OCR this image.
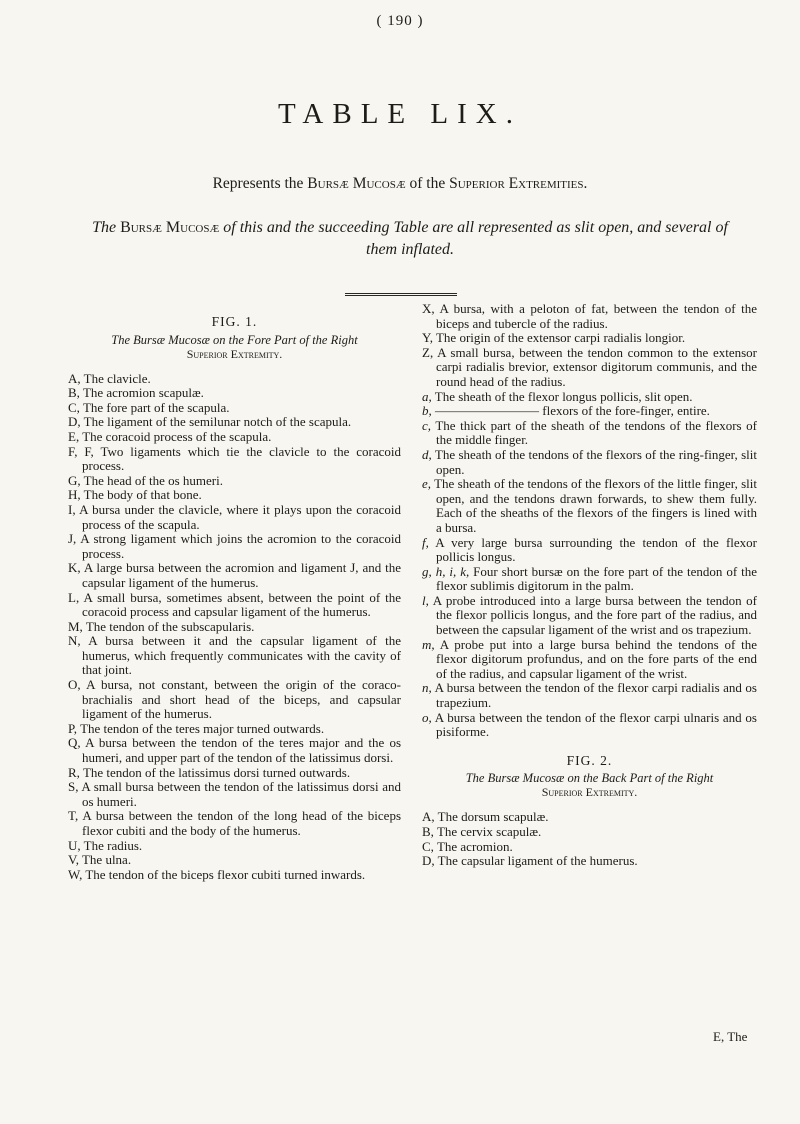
( 190 )
TABLE LIX.
Represents the Bursæ Mucosæ of the Superior Extremities.
The Bursæ Mucosæ of this and the succeeding Table are all represented as slit open, and several of them inflated.
FIG. 1.
The Bursæ Mucosæ on the Fore Part of the Right
Superior Extremity.

A, The clavicle.

B, The acromion scapulæ.

C, The fore part of the scapula.

D, The ligament of the semilunar notch of the scapula.

E, The coracoid process of the scapula.

F, F, Two ligaments which tie the clavicle to the coracoid process.

G, The head of the os humeri.

H, The body of that bone.

I, A bursa under the clavicle, where it plays upon the coracoid process of the scapula.

J, A strong ligament which joins the acromion to the coracoid process.

K, A large bursa between the acromion and ligament J, and the capsular ligament of the humerus.

L, A small bursa, sometimes absent, between the point of the coracoid process and capsular ligament of the humerus.

M, The tendon of the subscapularis.

N, A bursa between it and the capsular ligament of the humerus, which frequently communicates with the cavity of that joint.

O, A bursa, not constant, between the origin of the coraco-brachialis and short head of the biceps, and capsular ligament of the humerus.

P, The tendon of the teres major turned outwards.

Q, A bursa between the tendon of the teres major and the os humeri, and upper part of the tendon of the latissimus dorsi.

R, The tendon of the latissimus dorsi turned outwards.

S, A small bursa between the tendon of the latissimus dorsi and os humeri.

T, A bursa between the tendon of the long head of the biceps flexor cubiti and the body of the humerus.

U, The radius.

V, The ulna.

W, The tendon of the biceps flexor cubiti turned inwards.

X, A bursa, with a peloton of fat, between the tendon of the biceps and tubercle of the radius.

Y, The origin of the extensor carpi radialis longior.

Z, A small bursa, between the tendon common to the extensor carpi radialis brevior, extensor digitorum communis, and the round head of the radius.

a, The sheath of the flexor longus pollicis, slit open.

b, ———————— flexors of the fore-finger, entire.

c, The thick part of the sheath of the tendons of the flexors of the middle finger.

d, The sheath of the tendons of the flexors of the ring-finger, slit open.

e, The sheath of the tendons of the flexors of the little finger, slit open, and the tendons drawn forwards, to shew them fully. Each of the sheaths of the flexors of the fingers is lined with a bursa.

f, A very large bursa surrounding the tendon of the flexor pollicis longus.

g, h, i, k, Four short bursæ on the fore part of the tendon of the flexor sublimis digitorum in the palm.

l, A probe introduced into a large bursa between the tendon of the flexor pollicis longus, and the fore part of the radius, and between the capsular ligament of the wrist and os trapezium.

m, A probe put into a large bursa behind the tendons of the flexor digitorum profundus, and on the fore parts of the end of the radius, and capsular ligament of the wrist.

n, A bursa between the tendon of the flexor carpi radialis and os trapezium.

o, A bursa between the tendon of the flexor carpi ulnaris and os pisiforme.

FIG. 2.
The Bursæ Mucosæ on the Back Part of the Right
Superior Extremity.

A, The dorsum scapulæ.

B, The cervix scapulæ.

C, The acromion.

D, The capsular ligament of the humerus.

E, The
